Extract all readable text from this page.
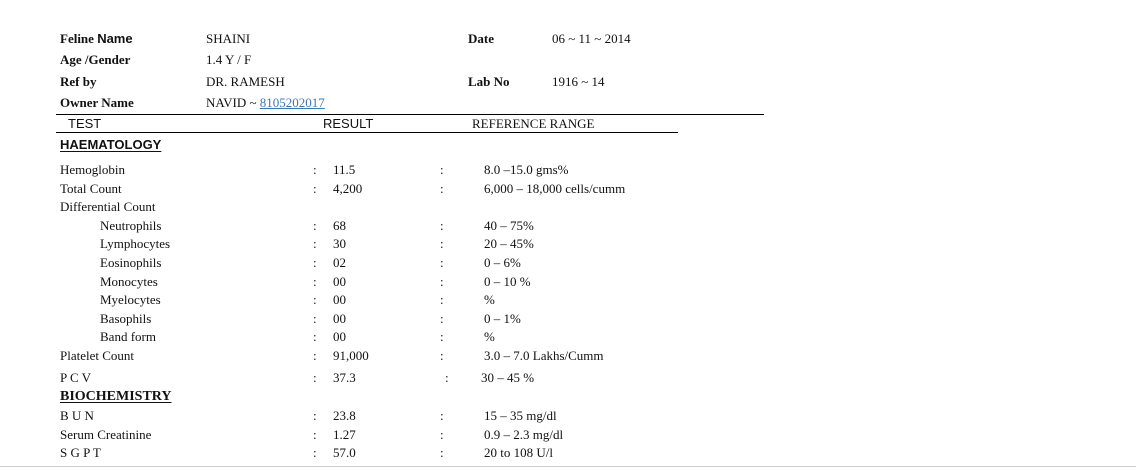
Feline Name	SHAINI	Date	06 ~ 11 ~ 2014
Age /Gender	1.4 Y / F
Ref by	DR. RAMESH	Lab No	1916 ~ 14
Owner Name	NAVID ~ 8105202017
TEST	RESULT	REFERENCE RANGE
HAEMATOLOGY
Hemoglobin	: 11.5	:	8.0 –15.0 gms%
Total Count	: 4,200	:	6,000 – 18,000 cells/cumm
Differential Count
Neutrophils	: 68	:	40 – 75%
Lymphocytes	: 30	:	20 – 45%
Eosinophils	: 02	:	0 – 6%
Monocytes	: 00	:	0 – 10 %
Myelocytes	: 00	:	%
Basophils	: 00	:	0 – 1%
Band form	: 00	:	%
Platelet Count	: 91,000	:	3.0 – 7.0 Lakhs/Cumm
P C V	: 37.3	: 30 – 45 %
BIOCHEMISTRY
B U N	: 23.8	:	15 – 35 mg/dl
Serum Creatinine	: 1.27	:	0.9 – 2.3 mg/dl
S G P T	: 57.0	:	20 to 108 U/l
